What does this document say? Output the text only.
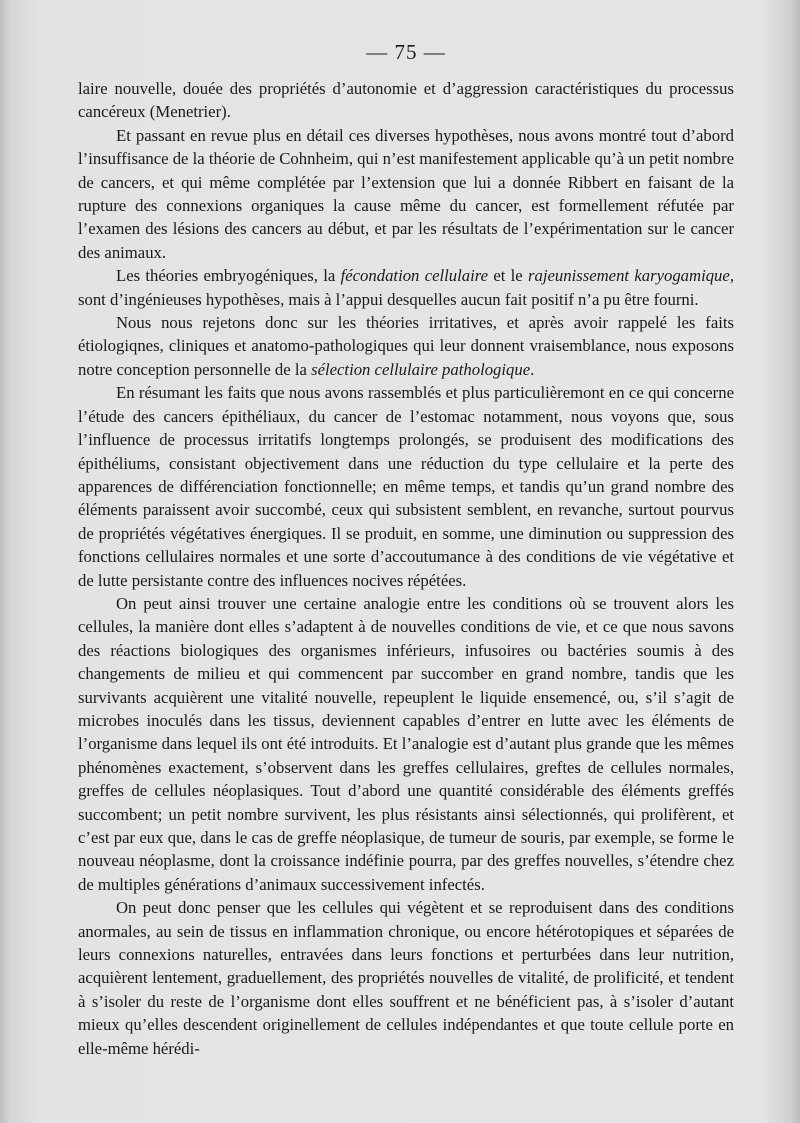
— 75 —

laire nouvelle, douée des propriétés d’autonomie et d’aggression caractéristiques du processus cancéreux (Menetrier).

Et passant en revue plus en détail ces diverses hypothèses, nous avons montré tout d’abord l’insuffisance de la théorie de Cohnheim, qui n’est manifestement applicable qu’à un petit nombre de cancers, et qui même complétée par l’extension que lui a donnée Ribbert en faisant de la rupture des connexions organiques la cause même du cancer, est formellement réfutée par l’examen des lésions des cancers au début, et par les résultats de l’expérimentation sur le cancer des animaux.

Les théories embryogéniques, la fécondation cellulaire et le rajeunissement karyogamique, sont d’ingénieuses hypothèses, mais à l’appui desquelles aucun fait positif n’a pu être fourni.

Nous nous rejetons donc sur les théories irritatives, et après avoir rappelé les faits étiologiqnes, cliniques et anatomo-pathologiques qui leur donnent vraisemblance, nous exposons notre conception personnelle de la sélection cellulaire pathologique.

En résumant les faits que nous avons rassemblés et plus particulièremont en ce qui concerne l’étude des cancers épithéliaux, du cancer de l’estomac notamment, nous voyons que, sous l’influence de processus irritatifs longtemps prolongés, se produisent des modifications des épithéliums, consistant objectivement dans une réduction du type cellulaire et la perte des apparences de différenciation fonctionnelle; en même temps, et tandis qu’un grand nombre des éléments paraissent avoir succombé, ceux qui subsistent semblent, en revanche, surtout pourvus de propriétés végétatives énergiques. Il se produit, en somme, une diminution ou suppression des fonctions cellulaires normales et une sorte d’accoutumance à des conditions de vie végétative et de lutte persistante contre des influences nocives répétées.

On peut ainsi trouver une certaine analogie entre les conditions où se trouvent alors les cellules, la manière dont elles s’adaptent à de nouvelles conditions de vie, et ce que nous savons des réactions biologiques des organismes inférieurs, infusoires ou bactéries soumis à des changements de milieu et qui commencent par succomber en grand nombre, tandis que les survivants acquièrent une vitalité nouvelle, repeuplent le liquide ensemencé, ou, s’il s’agit de microbes inoculés dans les tissus, deviennent capables d’entrer en lutte avec les éléments de l’organisme dans lequel ils ont été introduits. Et l’analogie est d’autant plus grande que les mêmes phénomènes exactement, s’observent dans les greffes cellulaires, greftes de cellules normales, greffes de cellules néoplasiques. Tout d’abord une quantité considérable des éléments greffés succombent; un petit nombre survivent, les plus résistants ainsi sélectionnés, qui prolifèrent, et c’est par eux que, dans le cas de greffe néoplasique, de tumeur de souris, par exemple, se forme le nouveau néoplasme, dont la croissance indéfinie pourra, par des greffes nouvelles, s’étendre chez de multiples générations d’animaux successivement infectés.

On peut donc penser que les cellules qui végètent et se reproduisent dans des conditions anormales, au sein de tissus en inflammation chronique, ou encore hétérotopiques et séparées de leurs connexions naturelles, entravées dans leurs fonctions et perturbées dans leur nutrition, acquièrent lentement, graduellement, des propriétés nouvelles de vitalité, de prolificité, et tendent à s’isoler du reste de l’organisme dont elles souffrent et ne bénéficient pas, à s’isoler d’autant mieux qu’elles descendent originellement de cellules indépendantes et que toute cellule porte en elle-même hérédi-
